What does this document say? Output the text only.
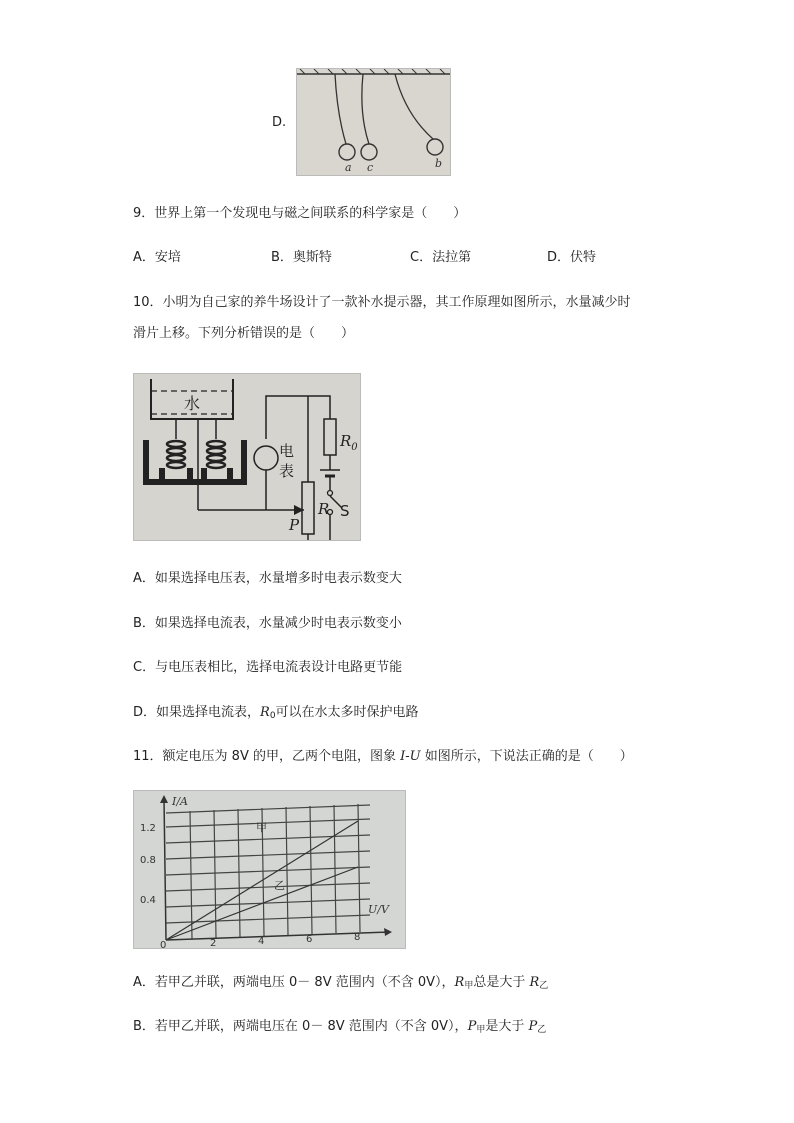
D.
a c	b
9．世界上第一个发现电与磁之间联系的科学家是（　　）
A．安培	B．奥斯特	C．法拉第	D．伏特
10．小明为自己家的养牛场设计了一款补水提示器，其工作原理如图所示，水量减少时
滑片上移。下列分析错误的是（　　）
水
电
表
$R_0$
S
R
P
A．如果选择电压表，水量增多时电表示数变大
B．如果选择电流表，水量减少时电表示数变小
C．与电压表相比，选择电流表设计电路更节能
D．如果选择电流表，$R_0$可以在水太多时保护电路
11．额定电压为 8V 的甲，乙两个电阻，图象 I-U 如图所示，下说法正确的是（　　）
I/A
U/V
1.2
0.8
0.4
0	2	4	6	8
甲
乙
A．若甲乙并联，两端电压 0－ 8V 范围内（不含 0V），$R_甲$总是大于 $R_乙$
B．若甲乙并联，两端电压在 0－ 8V 范围内（不含 0V），$P_甲$是大于 $P_乙$
